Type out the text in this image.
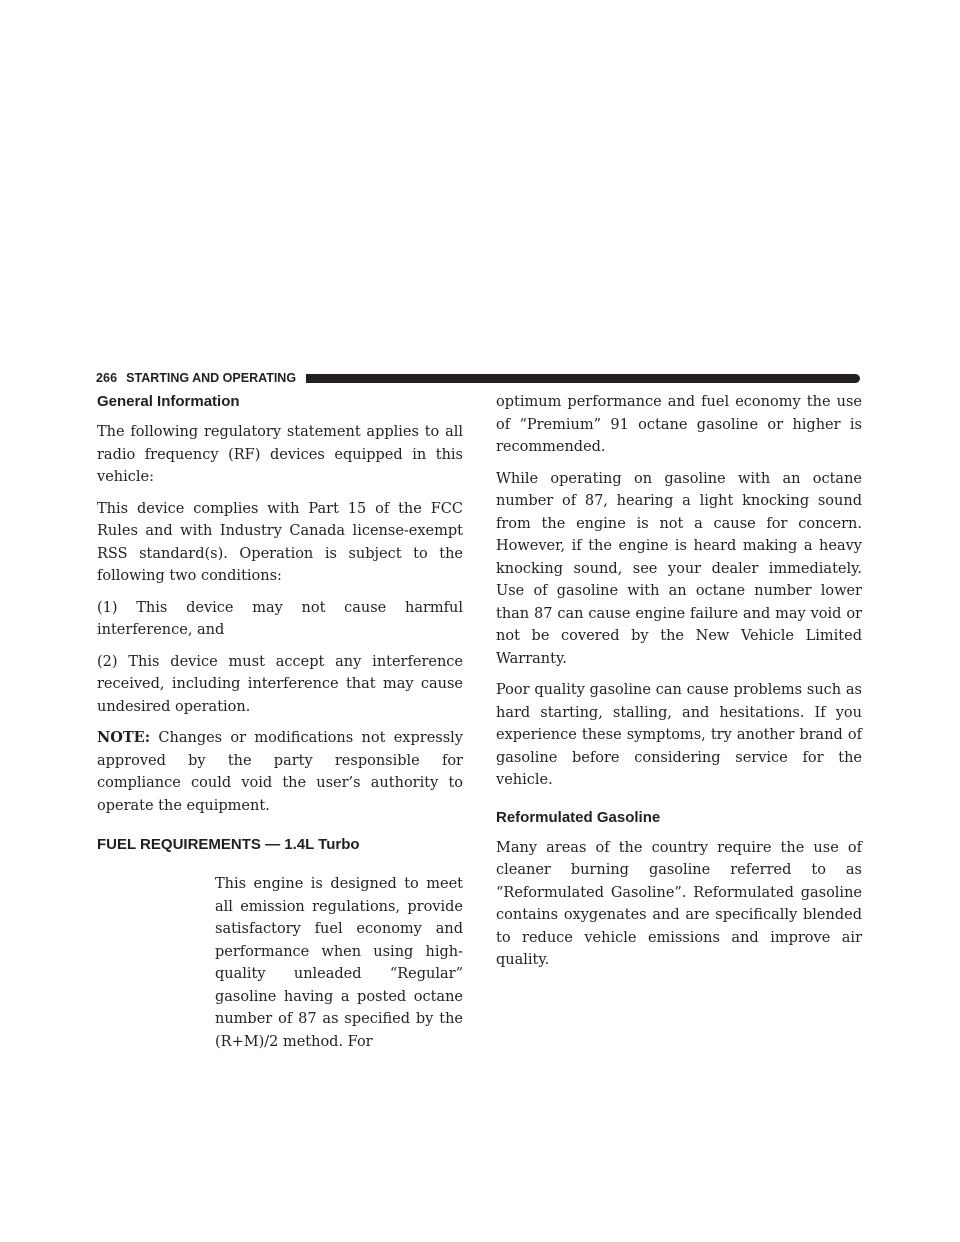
266 STARTING AND OPERATING
General Information

The following regulatory statement applies to all radio frequency (RF) devices equipped in this vehicle:

This device complies with Part 15 of the FCC Rules and with Industry Canada license-exempt RSS standard(s). Operation is subject to the following two conditions:

(1) This device may not cause harmful interference, and

(2) This device must accept any interference received, including interference that may cause undesired operation.

NOTE: Changes or modifications not expressly approved by the party responsible for compliance could void the user’s authority to operate the equipment.

FUEL REQUIREMENTS — 1.4L Turbo

This engine is designed to meet all emission regulations, provide satisfactory fuel economy and performance when using high-quality unleaded “Regular” gasoline having a posted octane number of 87 as specified by the (R+M)/2 method. For

optimum performance and fuel economy the use of “Premium” 91 octane gasoline or higher is recommended.

While operating on gasoline with an octane number of 87, hearing a light knocking sound from the engine is not a cause for concern. However, if the engine is heard making a heavy knocking sound, see your dealer immediately. Use of gasoline with an octane number lower than 87 can cause engine failure and may void or not be covered by the New Vehicle Limited Warranty.

Poor quality gasoline can cause problems such as hard starting, stalling, and hesitations. If you experience these symptoms, try another brand of gasoline before considering service for the vehicle.

Reformulated Gasoline

Many areas of the country require the use of cleaner burning gasoline referred to as “Reformulated Gasoline”. Reformulated gasoline contains oxygenates and are specifically blended to reduce vehicle emissions and improve air quality.
